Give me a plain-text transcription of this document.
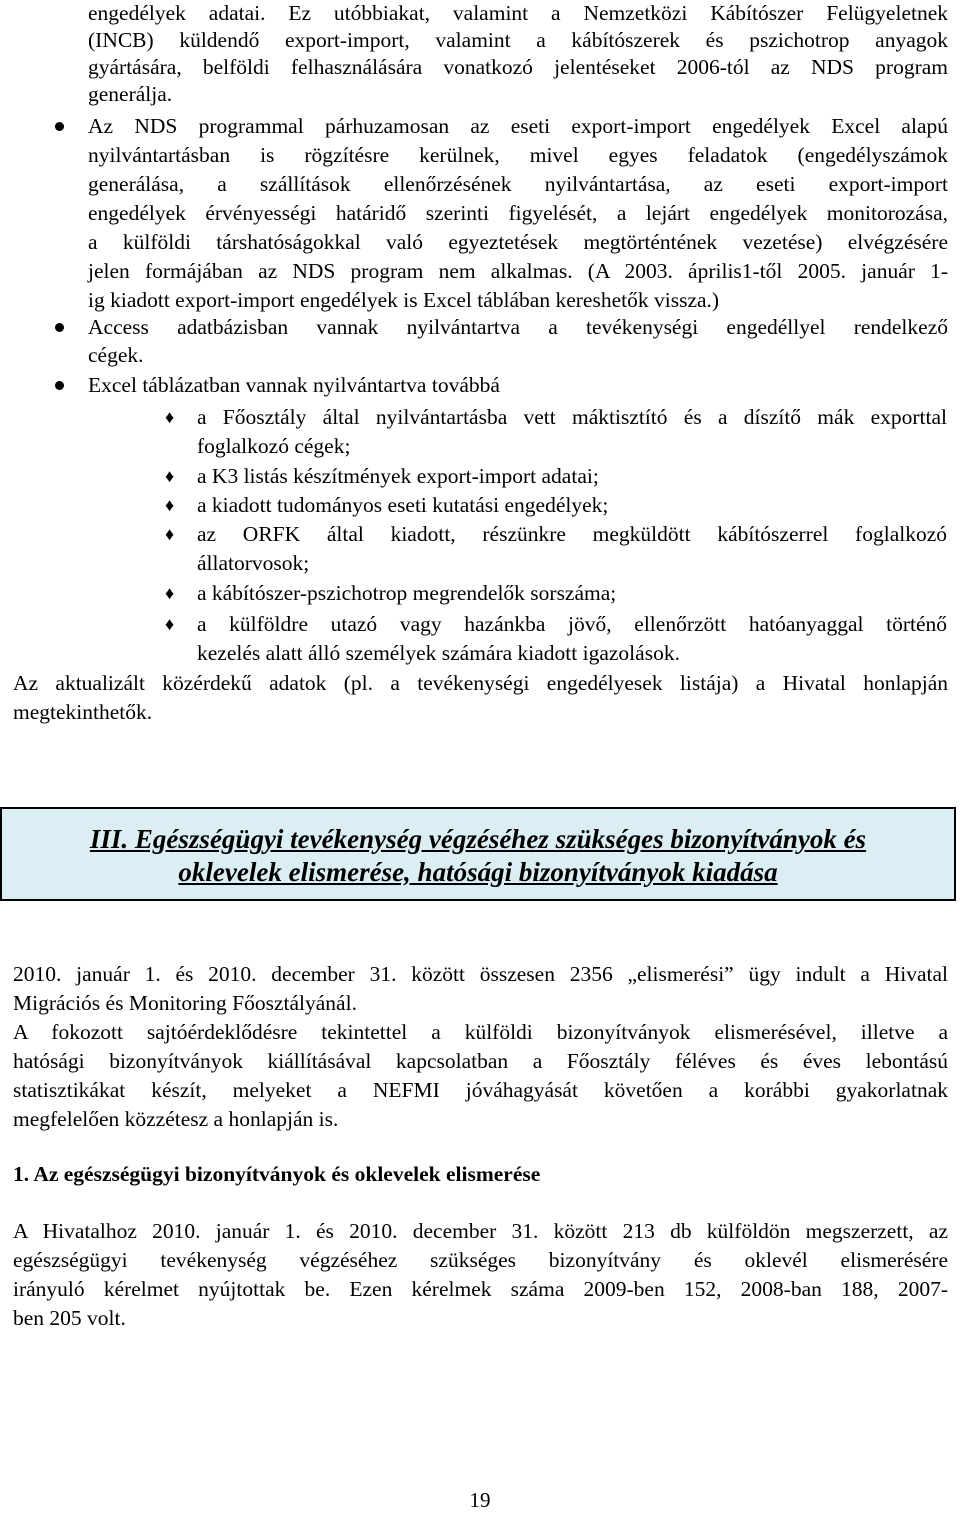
engedélyek adatai. Ez utóbbiakat, valamint a Nemzetközi Kábítószer Felügyeletnek
(INCB) küldendő export-import, valamint a kábítószerek és pszichotrop anyagok
gyártására, belföldi felhasználására vonatkozó jelentéseket 2006-tól az NDS program
generálja.
Az NDS programmal párhuzamosan az eseti export-import engedélyek Excel alapú
nyilvántartásban is rögzítésre kerülnek, mivel egyes feladatok (engedélyszámok
generálása, a szállítások ellenőrzésének nyilvántartása, az eseti export-import
engedélyek érvényességi határidő szerinti figyelését, a lejárt engedélyek monitorozása,
a külföldi társhatóságokkal való egyeztetések megtörténtének vezetése) elvégzésére
jelen formájában az NDS program nem alkalmas. (A 2003. április1-től 2005. január 1-
ig kiadott export-import engedélyek is Excel táblában kereshetők vissza.)
Access adatbázisban vannak nyilvántartva a tevékenységi engedéllyel rendelkező
cégek.
Excel táblázatban vannak nyilvántartva továbbá
♦ a Főosztály által nyilvántartásba vett máktisztító és a díszítő mák exporttal
foglalkozó cégek;
♦ a K3 listás készítmények export-import adatai;
♦ a kiadott tudományos eseti kutatási engedélyek;
♦ az ORFK által kiadott, részünkre megküldött kábítószerrel foglalkozó
állatorvosok;
♦ a kábítószer-pszichotrop megrendelők sorszáma;
♦ a külföldre utazó vagy hazánkba jövő, ellenőrzött hatóanyaggal történő
kezelés alatt álló személyek számára kiadott igazolások.
Az aktualizált közérdekű adatok (pl. a tevékenységi engedélyesek listája) a Hivatal honlapján
megtekinthetők.
III. Egészségügyi tevékenység végzéséhez szükséges bizonyítványok és
oklevelek elismerése, hatósági bizonyítványok kiadása
2010. január 1. és 2010. december 31. között összesen 2356 „elismerési” ügy indult a Hivatal
Migrációs és Monitoring Főosztályánál.
A fokozott sajtóérdeklődésre tekintettel a külföldi bizonyítványok elismerésével, illetve a
hatósági bizonyítványok kiállításával kapcsolatban a Főosztály féléves és éves lebontású
statisztikákat készít, melyeket a NEFMI jóváhagyását követően a korábbi gyakorlatnak
megfelelően közzétesz a honlapján is.
1. Az egészségügyi bizonyítványok és oklevelek elismerése
A Hivatalhoz 2010. január 1. és 2010. december 31. között 213 db külföldön megszerzett, az
egészségügyi tevékenység végzéséhez szükséges bizonyítvány és oklevél elismerésére
irányuló kérelmet nyújtottak be. Ezen kérelmek száma 2009-ben 152, 2008-ban 188, 2007-
ben 205 volt.
19
